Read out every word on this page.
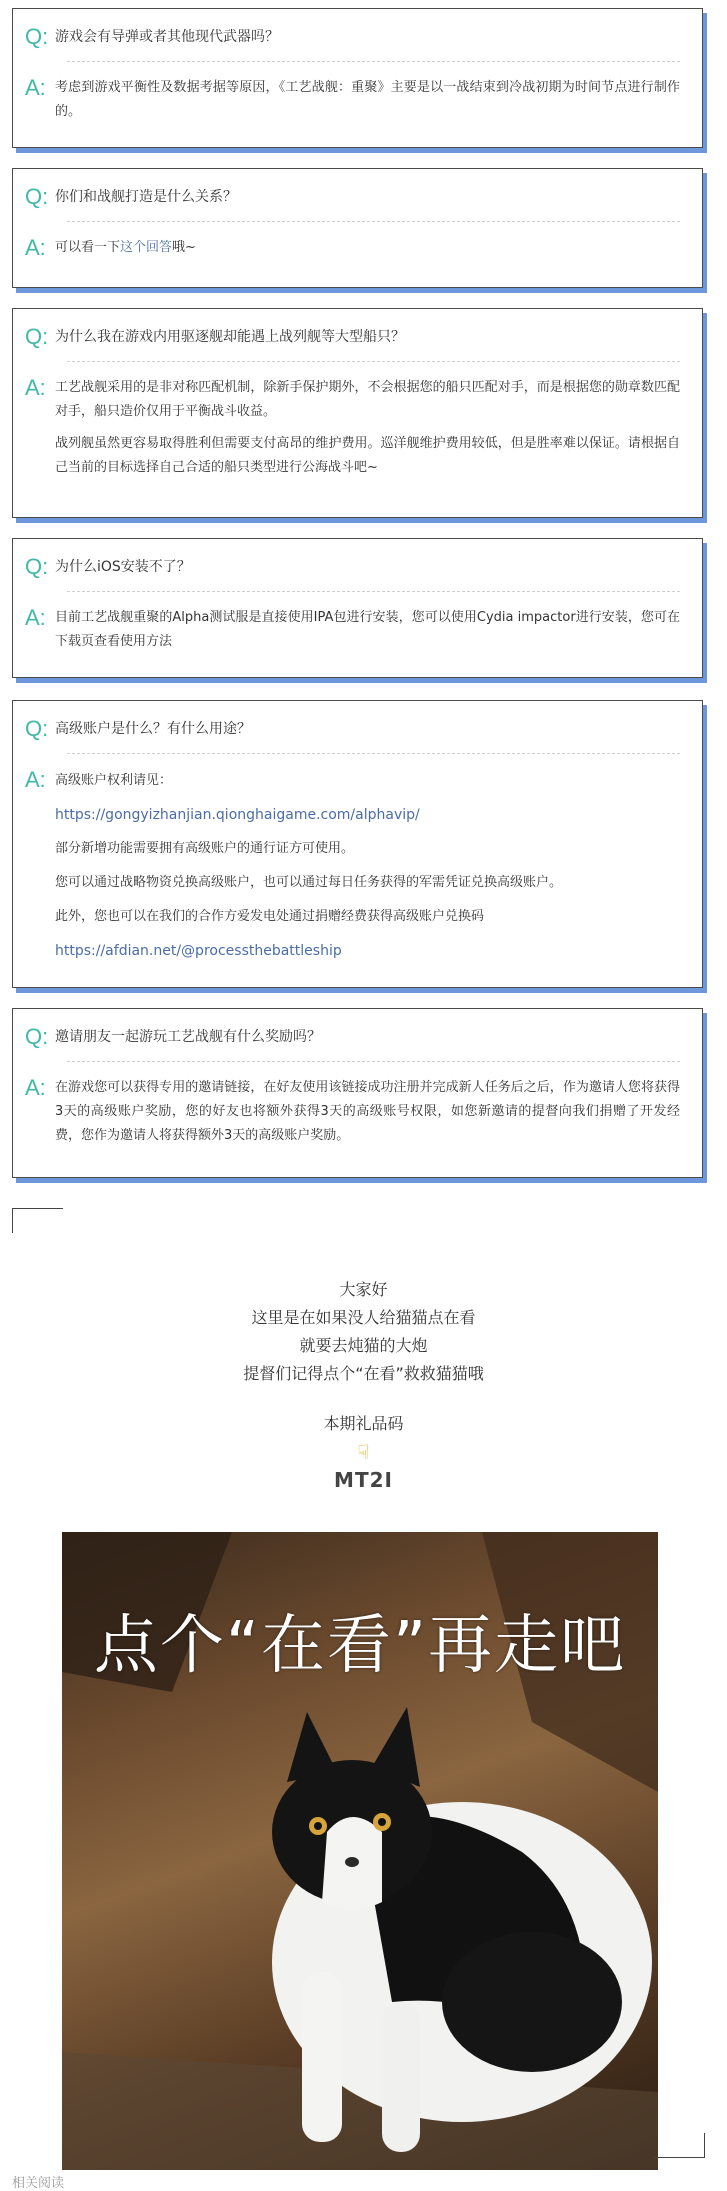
Q: 游戏会有导弹或者其他现代武器吗？
A: 考虑到游戏平衡性及数据考据等原因，《工艺战舰：重聚》主要是以一战结束到冷战初期为时间节点进行制作的。

Q: 你们和战舰打造是什么关系？
A: 可以看一下这个回答哦~

Q: 为什么我在游戏内用驱逐舰却能遇上战列舰等大型船只？
A: 工艺战舰采用的是非对称匹配机制，除新手保护期外，不会根据您的船只匹配对手，而是根据您的勋章数匹配对手，船只造价仅用于平衡战斗收益。

战列舰虽然更容易取得胜利但需要支付高昂的维护费用。巡洋舰维护费用较低，但是胜率难以保证。请根据自己当前的目标选择自己合适的船只类型进行公海战斗吧~

Q: 为什么iOS安装不了？
A: 目前工艺战舰重聚的Alpha测试服是直接使用IPA包进行安装，您可以使用Cydia impactor进行安装，您可在下载页查看使用方法

Q: 高级账户是什么？有什么用途？
A: 高级账户权利请见：

https://gongyizhanjian.qionghaigame.com/alphavip/

部分新增功能需要拥有高级账户的通行证方可使用。

您可以通过战略物资兑换高级账户，也可以通过每日任务获得的军需凭证兑换高级账户。

此外，您也可以在我们的合作方爱发电处通过捐赠经费获得高级账户兑换码

https://afdian.net/@processthebattleship

Q: 邀请朋友一起游玩工艺战舰有什么奖励吗？
A: 在游戏您可以获得专用的邀请链接，在好友使用该链接成功注册并完成新人任务后之后，作为邀请人您将获得3天的高级账户奖励，您的好友也将额外获得3天的高级账号权限，如您新邀请的提督向我们捐赠了开发经费，您作为邀请人将获得额外3天的高级账户奖励。

大家好
这里是在如果没人给猫猫点在看
就要去炖猫的大炮
提督们记得点个“在看”救救猫猫哦
本期礼品码
☟
MT2I
点个“在看”再走吧
相关阅读
